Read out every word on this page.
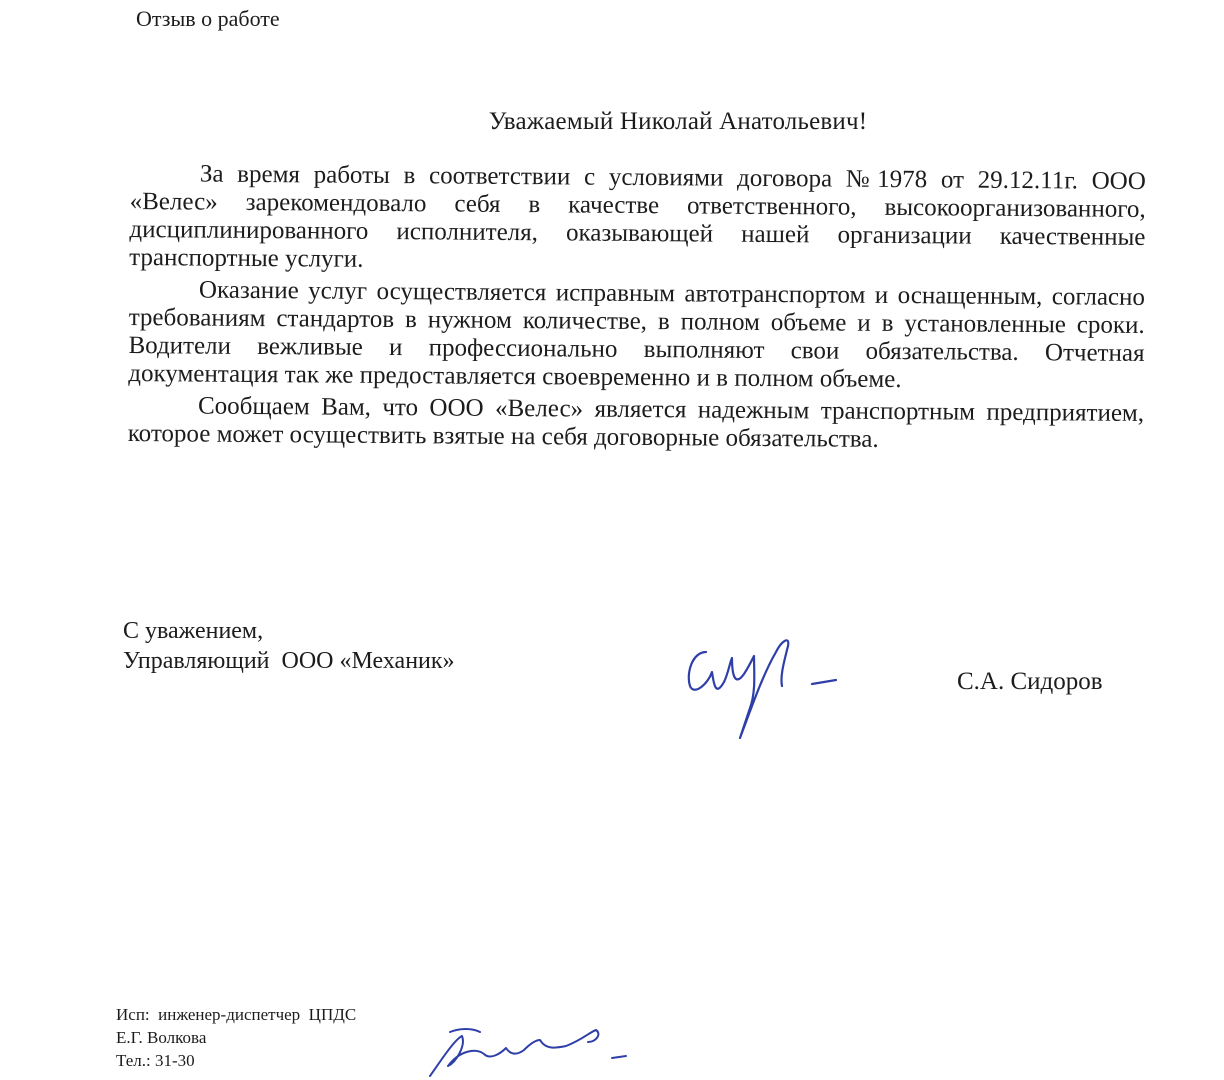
Отзыв о работе
Уважаемый Николай Анатольевич!

За время работы в соответствии с условиями договора №1978 от 29.12.11г. ООО «Велес» зарекомендовало себя в качестве ответственного, высокоорганизованного, дисциплинированного исполнителя, оказывающей нашей организации качественные транспортные услуги.

Оказание услуг осуществляется исправным автотранспортом и оснащенным, согласно требованиям стандартов в нужном количестве, в полном объеме и в установленные сроки. Водители вежливые и профессионально выполняют свои обязательства. Отчетная документация так же предоставляется своевременно и в полном объеме.

Сообщаем Вам, что ООО «Велес» является надежным транспортным предприятием, которое может осуществить взятые на себя договорные обязательства.

С уважением,
Управляющий  ООО «Механик»
С.А. Сидоров
Исп:  инженер-диспетчер  ЦПДС
Е.Г. Волкова
Тел.: 31-30
